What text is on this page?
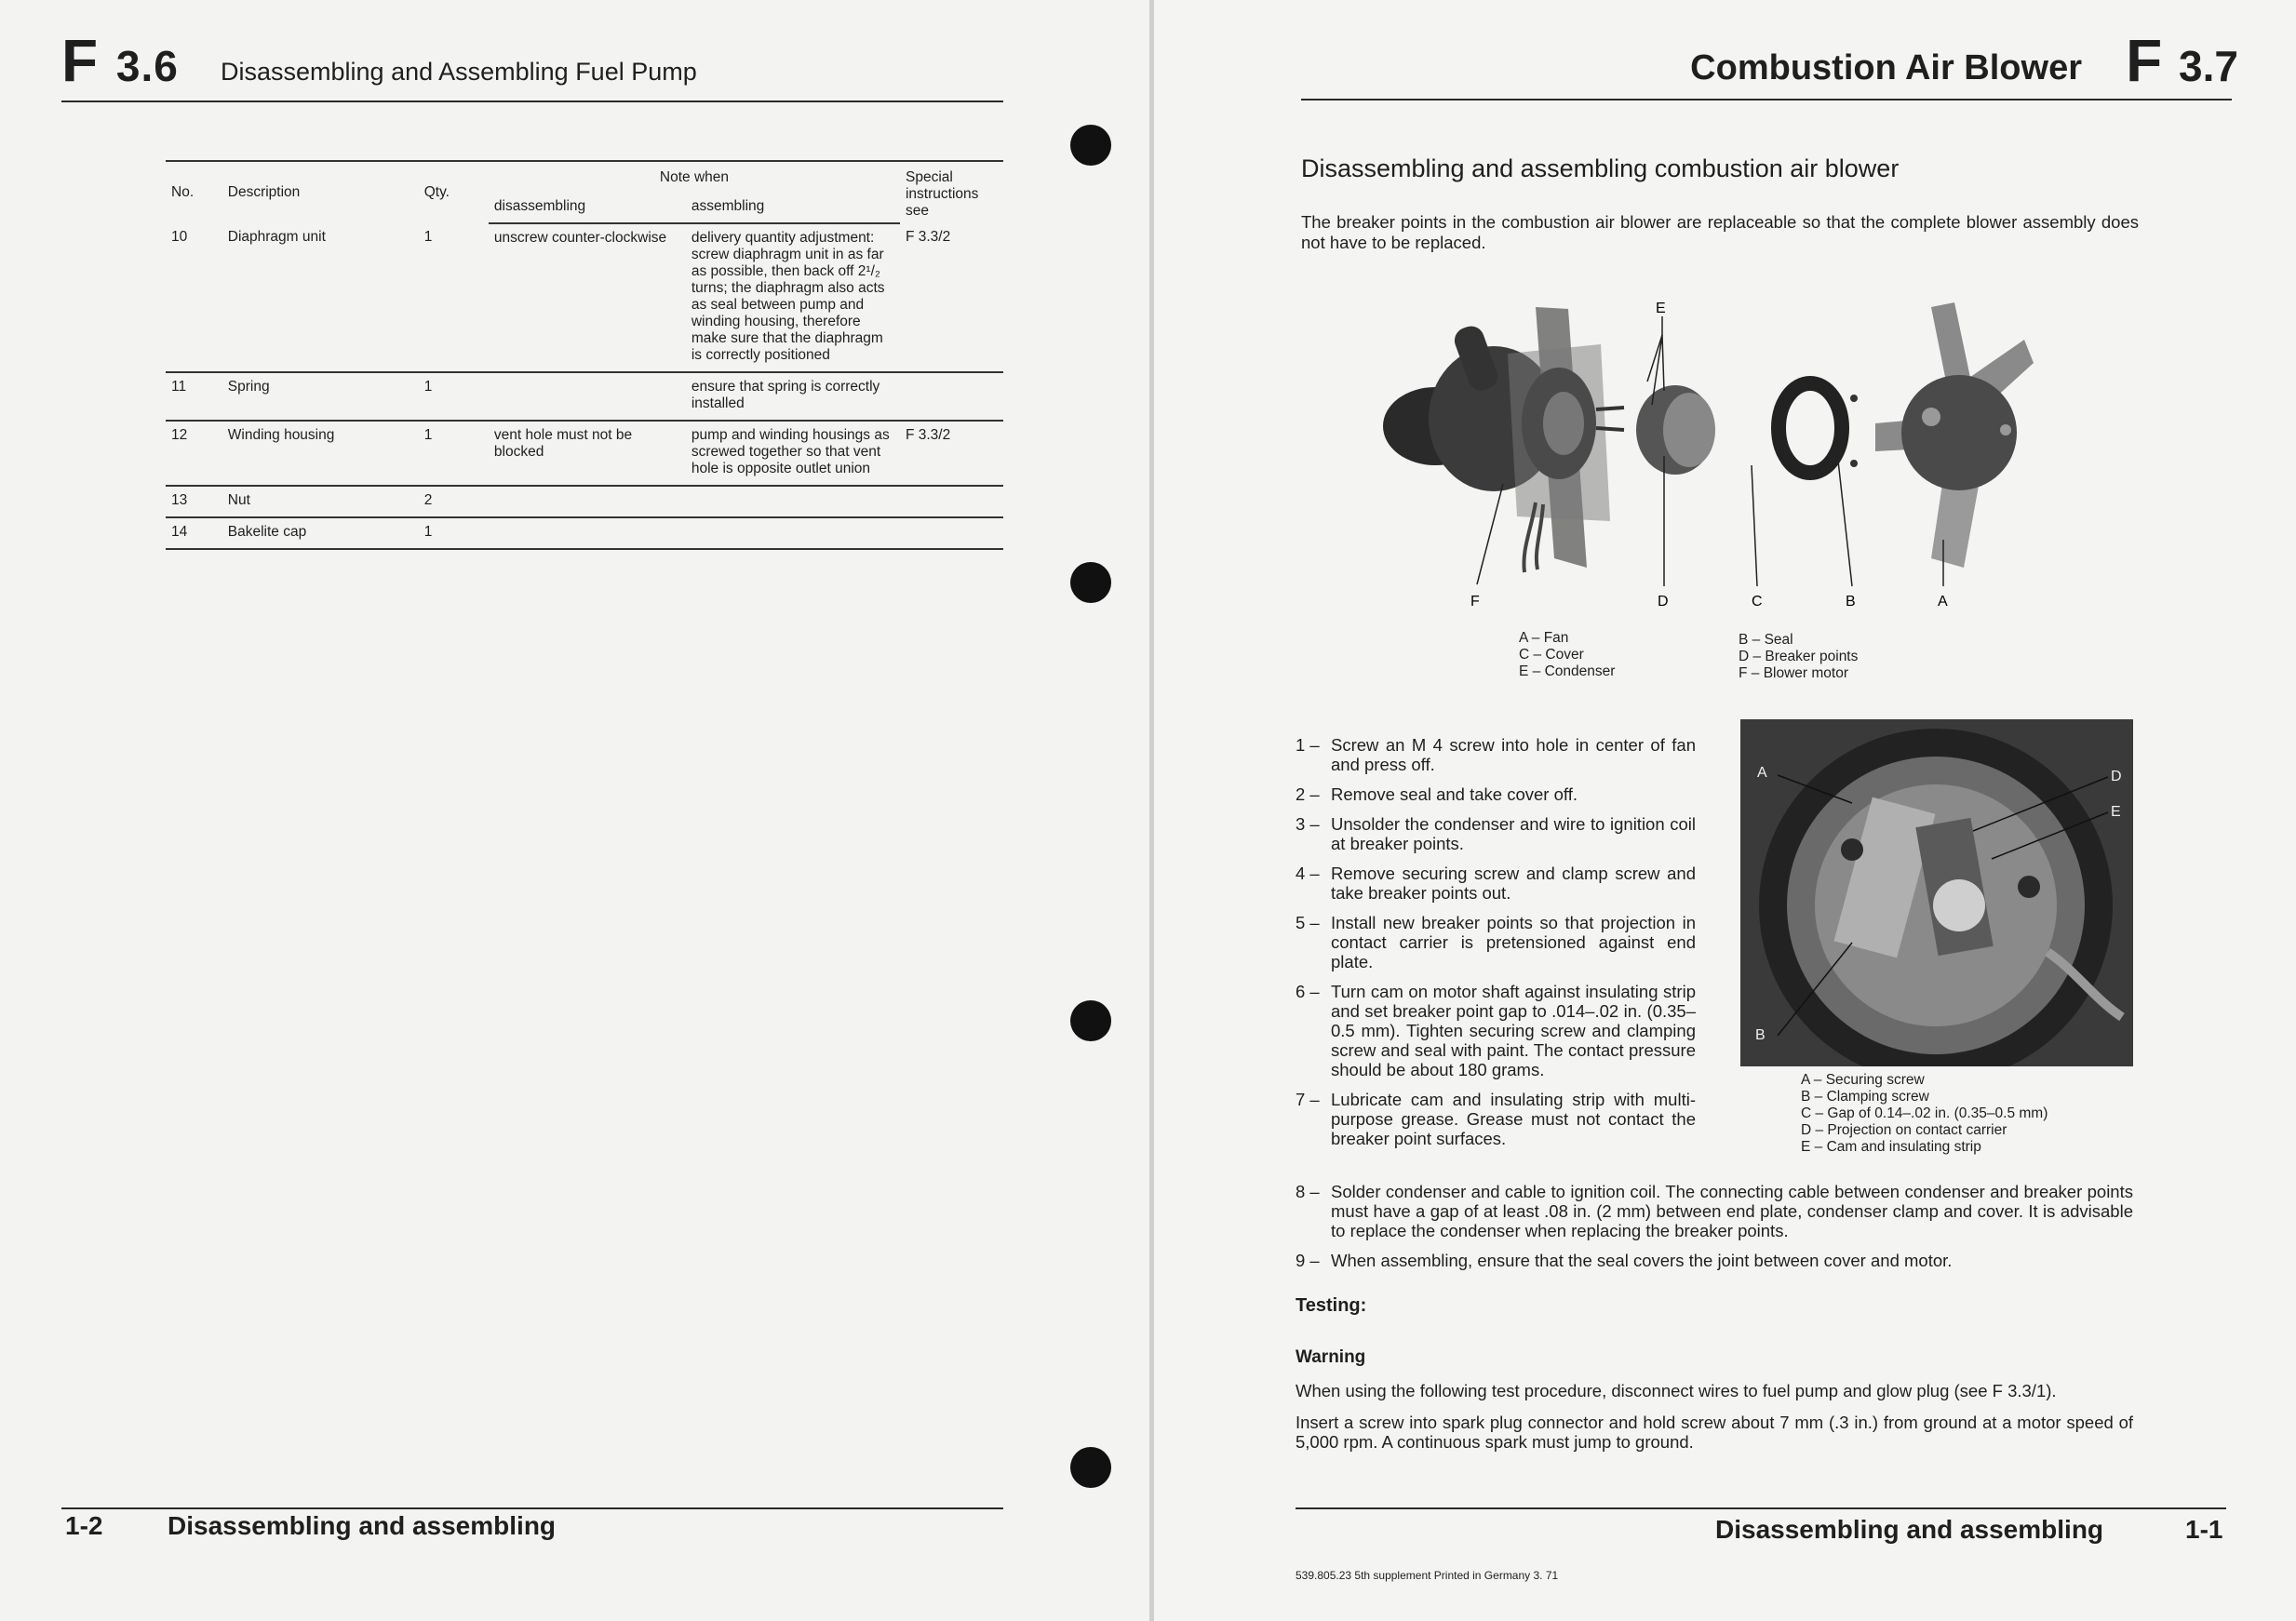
F 3.6 Disassembling and Assembling Fuel Pump
No.	Description	Qty.	Note when		Special instructions see
			disassembling	assembling	
10	Diaphragm unit	1	unscrew counter-clockwise	delivery quantity adjustment: screw diaphragm unit in as far as possible, then back off 2¹/₂ turns; the diaphragm also acts as seal between pump and winding housing, therefore make sure that the diaphragm is correctly positioned	F 3.3/2
11	Spring	1		ensure that spring is correctly installed	
12	Winding housing	1	vent hole must not be blocked	pump and winding housings as screwed together so that vent hole is opposite outlet union	F 3.3/2
13	Nut	2			
14	Bakelite cap	1			
1-2 Disassembling and assembling
Combustion Air Blower F 3.7
Disassembling and assembling combustion air blower
The breaker points in the combustion air blower are replaceable so that the complete blower assembly does not have to be replaced.
E
F	D	C	B	A
A – Fan
C – Cover
E – Condenser
B – Seal
D – Breaker points
F – Blower motor
A	D
E
B
A – Securing screw
B – Clamping screw
C – Gap of 0.14–.02 in. (0.35–0.5 mm)
D – Projection on contact carrier
E – Cam and insulating strip
1 – Screw an M 4 screw into hole in center of fan and press off.
2 – Remove seal and take cover off.
3 – Unsolder the condenser and wire to ignition coil at breaker points.
4 – Remove securing screw and clamp screw and take breaker points out.
5 – Install new breaker points so that projection in contact carrier is pretensioned against end plate.
6 – Turn cam on motor shaft against insulating strip and set breaker point gap to .014–.02 in. (0.35–0.5 mm). Tighten securing screw and clamping screw and seal with paint. The contact pressure should be about 180 grams.
7 – Lubricate cam and insulating strip with multi-purpose grease. Grease must not contact the breaker point surfaces.
8 – Solder condenser and cable to ignition coil. The connecting cable between condenser and breaker points must have a gap of at least .08 in. (2 mm) between end plate, condenser clamp and cover. It is advisable to replace the condenser when replacing the breaker points.
9 – When assembling, ensure that the seal covers the joint between cover and motor.
Testing:
Warning
When using the following test procedure, disconnect wires to fuel pump and glow plug (see F 3.3/1).
Insert a screw into spark plug connector and hold screw about 7 mm (.3 in.) from ground at a motor speed of 5,000 rpm. A continuous spark must jump to ground.
Disassembling and assembling	1-1
539.805.23 5th supplement Printed in Germany 3. 71
